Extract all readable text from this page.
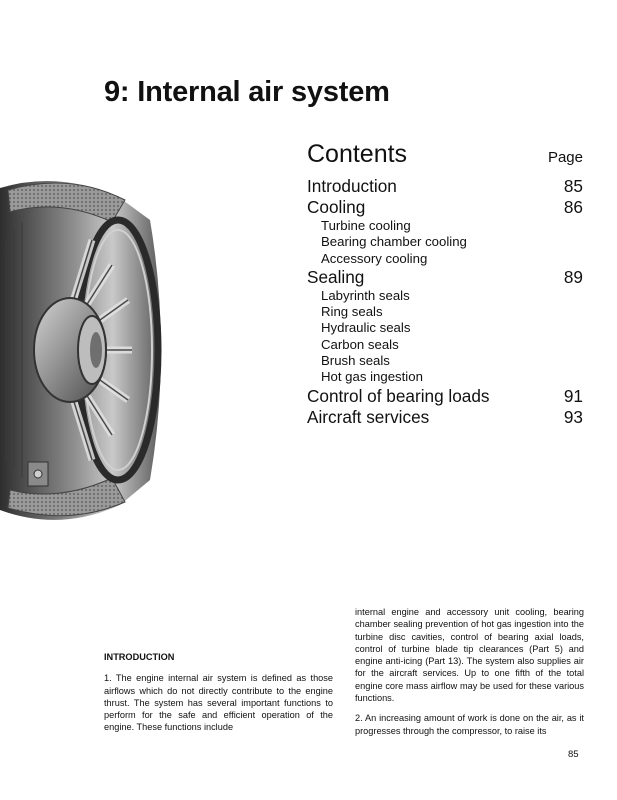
9: Internal air system
Contents	Page
Introduction	85
Cooling	86
Turbine cooling
Bearing chamber cooling
Accessory cooling
Sealing	89
Labyrinth seals
Ring seals
Hydraulic seals
Carbon seals
Brush seals
Hot gas ingestion
Control of bearing loads	91
Aircraft services	93

INTRODUCTION

1. The engine internal air system is defined as those airflows which do not directly contribute to the engine thrust. The system has several important functions to perform for the safe and efficient operation of the engine. These functions include

internal engine and accessory unit cooling, bearing chamber sealing prevention of hot gas ingestion into the turbine disc cavities, control of bearing axial loads, control of turbine blade tip clearances (Part 5) and engine anti-icing (Part 13). The system also supplies air for the aircraft services. Up to one fifth of the total engine core mass airflow may be used for these various functions.

2. An increasing amount of work is done on the air, as it progresses through the compressor, to raise its

85
